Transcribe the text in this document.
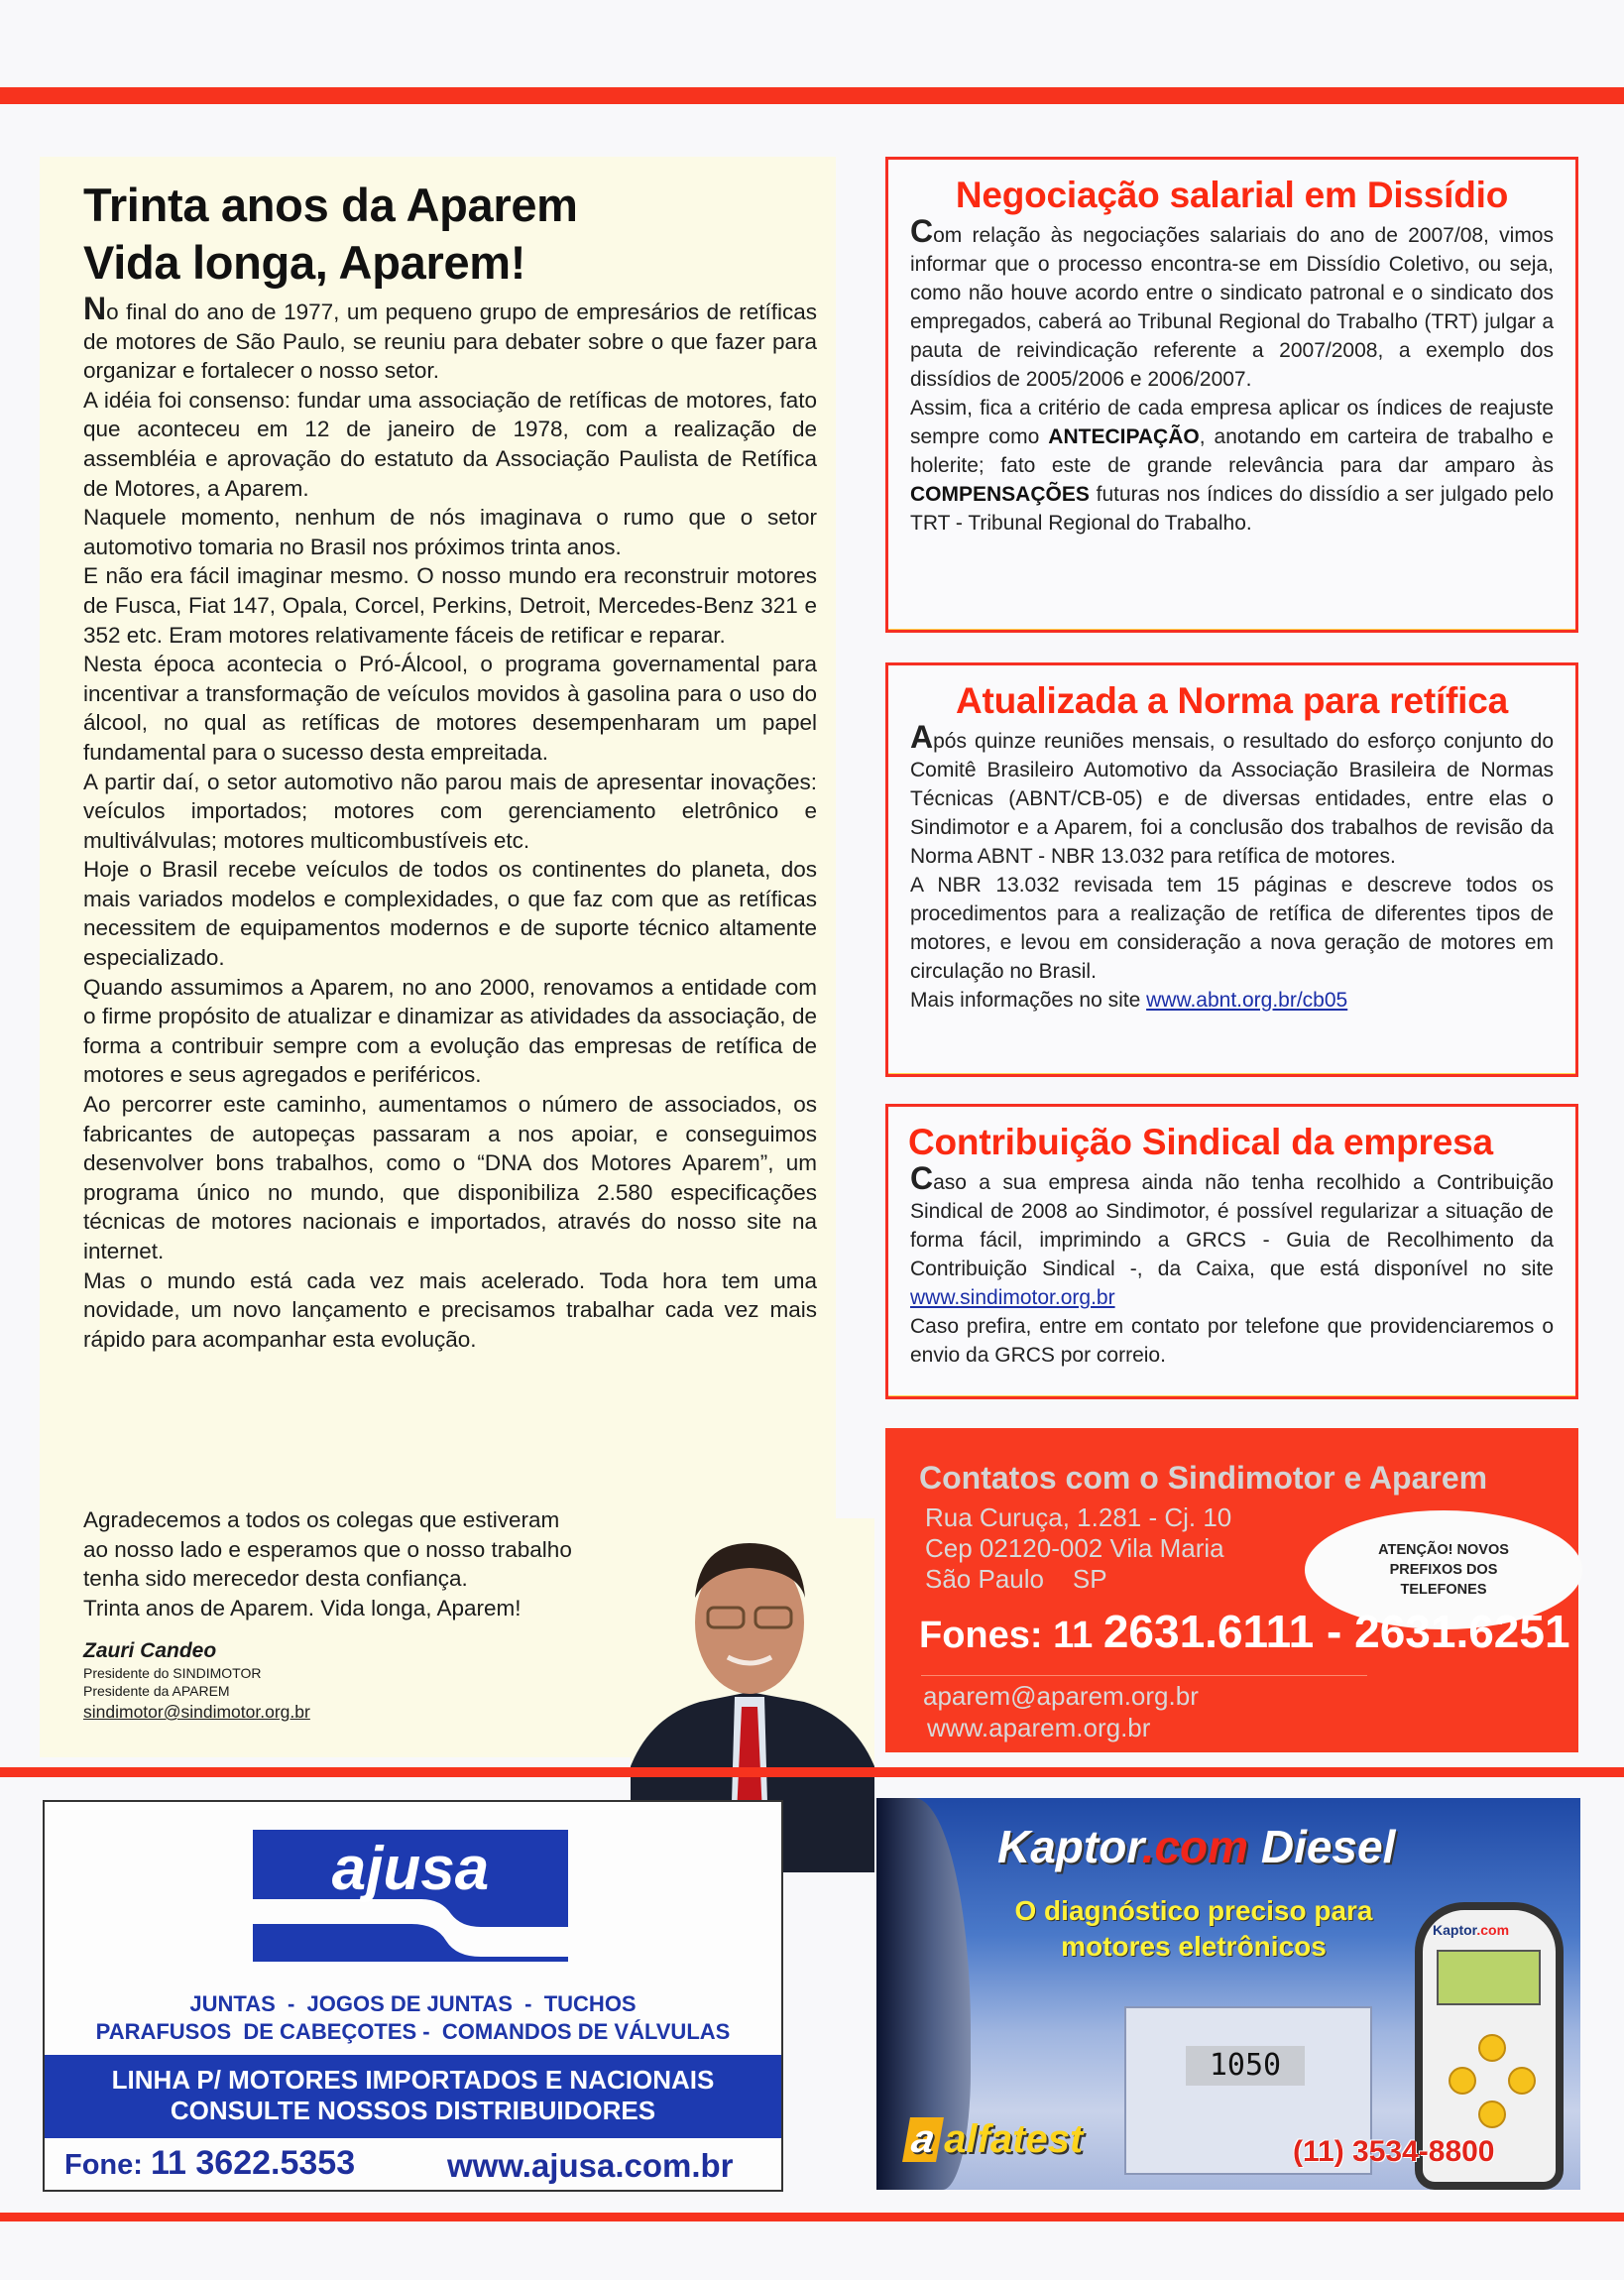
Trinta anos da Aparem
Vida longa, Aparem!

No final do ano de 1977, um pequeno grupo de empresários de retíficas de motores de São Paulo, se reuniu para debater sobre o que fazer para organizar e fortalecer o nosso setor.

A idéia foi consenso: fundar uma associação de retíficas de motores, fato que aconteceu em 12 de janeiro de 1978, com a realização de assembléia e aprovação do estatuto da Associação Paulista de Retífica de Motores, a Aparem.

Naquele momento, nenhum de nós imaginava o rumo que o setor automotivo tomaria no Brasil nos próximos trinta anos.

E não era fácil imaginar mesmo. O nosso mundo era reconstruir motores de Fusca, Fiat 147, Opala, Corcel, Perkins, Detroit, Mercedes-Benz 321 e 352 etc. Eram motores relativamente fáceis de retificar e reparar.

Nesta época acontecia o Pró-Álcool, o programa governamental para incentivar a transformação de veículos movidos à gasolina para o uso do álcool, no qual as retíficas de motores desempenharam um papel fundamental para o sucesso desta empreitada.

A partir daí, o setor automotivo não parou mais de apresentar inovações: veículos importados; motores com gerenciamento eletrônico e multiválvulas; motores multicombustíveis etc.

Hoje o Brasil recebe veículos de todos os continentes do planeta, dos mais variados modelos e complexidades, o que faz com que as retíficas necessitem de equipamentos modernos e de suporte técnico altamente especializado.

Quando assumimos a Aparem, no ano 2000, renovamos a entidade com o firme propósito de atualizar e dinamizar as atividades da associação, de forma a contribuir sempre com a evolução das empresas de retífica de motores e seus agregados e periféricos.

Ao percorrer este caminho, aumentamos o número de associados, os fabricantes de autopeças passaram a nos apoiar, e conseguimos desenvolver bons trabalhos, como o “DNA dos Motores Aparem”, um programa único no mundo, que disponibiliza 2.580 especificações técnicas de motores nacionais e importados, através do nosso site na internet.

Mas o mundo está cada vez mais acelerado. Toda hora tem uma novidade, um novo lançamento e precisamos trabalhar cada vez mais rápido para acompanhar esta evolução.

Agradecemos a todos os colegas que estiveram
ao nosso lado e esperamos que o nosso trabalho
tenha sido merecedor desta confiança.
Trinta anos de Aparem. Vida longa, Aparem!
Zauri Candeo
Presidente do SINDIMOTOR
Presidente da APAREM
sindimotor@sindimotor.org.br
Negociação salarial em Dissídio

Com relação às negociações salariais do ano de 2007/08, vimos informar que o processo encontra-se em Dissídio Coletivo, ou seja, como não houve acordo entre o sindicato patronal e o sindicato dos empregados, caberá ao Tribunal Regional do Trabalho (TRT) julgar a pauta de reivindicação referente a 2007/2008, a exemplo dos dissídios de 2005/2006 e 2006/2007.

Assim, fica a critério de cada empresa aplicar os índices de reajuste sempre como ANTECIPAÇÃO, anotando em carteira de trabalho e holerite; fato este de grande relevância para dar amparo às COMPENSAÇÕES futuras nos índices do dissídio a ser julgado pelo TRT - Tribunal Regional do Trabalho.

Atualizada a Norma para retífica

Após quinze reuniões mensais, o resultado do esforço conjunto do Comitê Brasileiro Automotivo da Associação Brasileira de Normas Técnicas (ABNT/CB-05) e de diversas entidades, entre elas o Sindimotor e a Aparem, foi a conclusão dos trabalhos de revisão da Norma ABNT - NBR 13.032 para retífica de motores.

A NBR 13.032 revisada tem 15 páginas e descreve todos os procedimentos para a realização de retífica de diferentes tipos de motores, e levou em consideração a nova geração de motores em circulação no Brasil.

Mais informações no site www.abnt.org.br/cb05

Contribuição Sindical da empresa

Caso a sua empresa ainda não tenha recolhido a Contribuição Sindical de 2008 ao Sindimotor, é possível regularizar a situação de forma fácil, imprimindo a GRCS - Guia de Recolhimento da Contribuição Sindical -, da Caixa, que está disponível no site www.sindimotor.org.br

Caso prefira, entre em contato por telefone que providenciaremos o envio da GRCS por correio.

Contatos com o Sindimotor e Aparem
Rua Curuça, 1.281 - Cj. 10
Cep 02120-002 Vila Maria
São Paulo    SP
ATENÇÃO! NOVOS
PREFIXOS DOS
TELEFONES
Fones: 11 2631.6111 - 2631.6251
aparem@aparem.org.br
www.aparem.org.br
ajusa
JUNTAS  -  JOGOS DE JUNTAS  -  TUCHOS
PARAFUSOS  DE CABEÇOTES -  COMANDOS DE VÁLVULAS
LINHA P/ MOTORES IMPORTADOS E NACIONAIS
CONSULTE NOSSOS DISTRIBUIDORES
Fone: 11 3622.5353	www.ajusa.com.br
1050
Kaptor.com Diesel
O diagnóstico preciso para
motores eletrônicos
Kaptor.com
a alfatest	(11) 3534-8800
